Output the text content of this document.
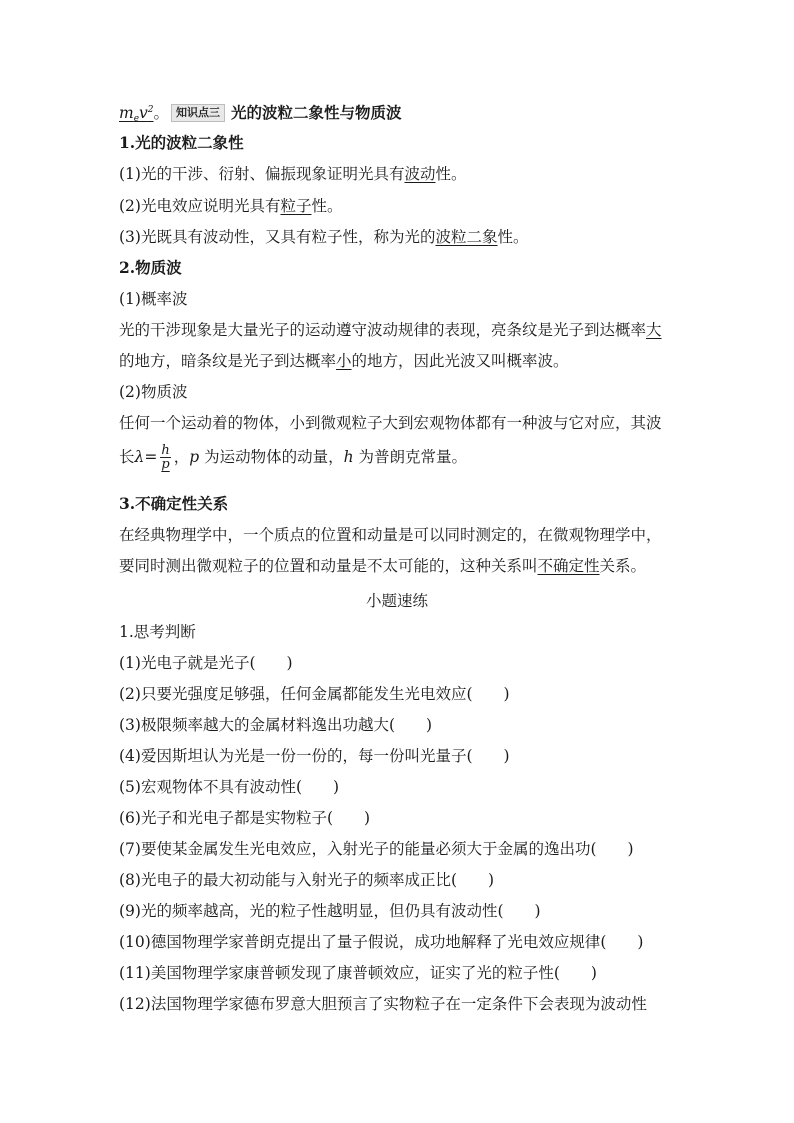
$m_ev^2$。 知识点三 光的波粒二象性与物质波
1.光的波粒二象性
(1)光的干涉、衍射、偏振现象证明光具有波动性。
(2)光电效应说明光具有粒子性。
(3)光既具有波动性，又具有粒子性，称为光的波粒二象性。
2.物质波
(1)概率波
光的干涉现象是大量光子的运动遵守波动规律的表现，亮条纹是光子到达概率大
的地方，暗条纹是光子到达概率小的地方，因此光波又叫概率波。
(2)物质波
任何一个运动着的物体，小到微观粒子大到宏观物体都有一种波与它对应，其波
长$\lambda= \frac{h}{p}$ ，p 为运动物体的动量，h 为普朗克常量。
3.不确定性关系
在经典物理学中，一个质点的位置和动量是可以同时测定的，在微观物理学中，
要同时测出微观粒子的位置和动量是不太可能的，这种关系叫不确定性关系。
小题速练
1.思考判断
(1)光电子就是光子(　　)
(2)只要光强度足够强，任何金属都能发生光电效应(　　)
(3)极限频率越大的金属材料逸出功越大(　　)
(4)爱因斯坦认为光是一份一份的，每一份叫光量子(　　)
(5)宏观物体不具有波动性(　　)
(6)光子和光电子都是实物粒子(　　)
(7)要使某金属发生光电效应，入射光子的能量必须大于金属的逸出功(　　)
(8)光电子的最大初动能与入射光子的频率成正比(　　)
(9)光的频率越高，光的粒子性越明显，但仍具有波动性(　　)
(10)德国物理学家普朗克提出了量子假说，成功地解释了光电效应规律(　　)
(11)美国物理学家康普顿发现了康普顿效应，证实了光的粒子性(　　)
(12)法国物理学家德布罗意大胆预言了实物粒子在一定条件下会表现为波动性
